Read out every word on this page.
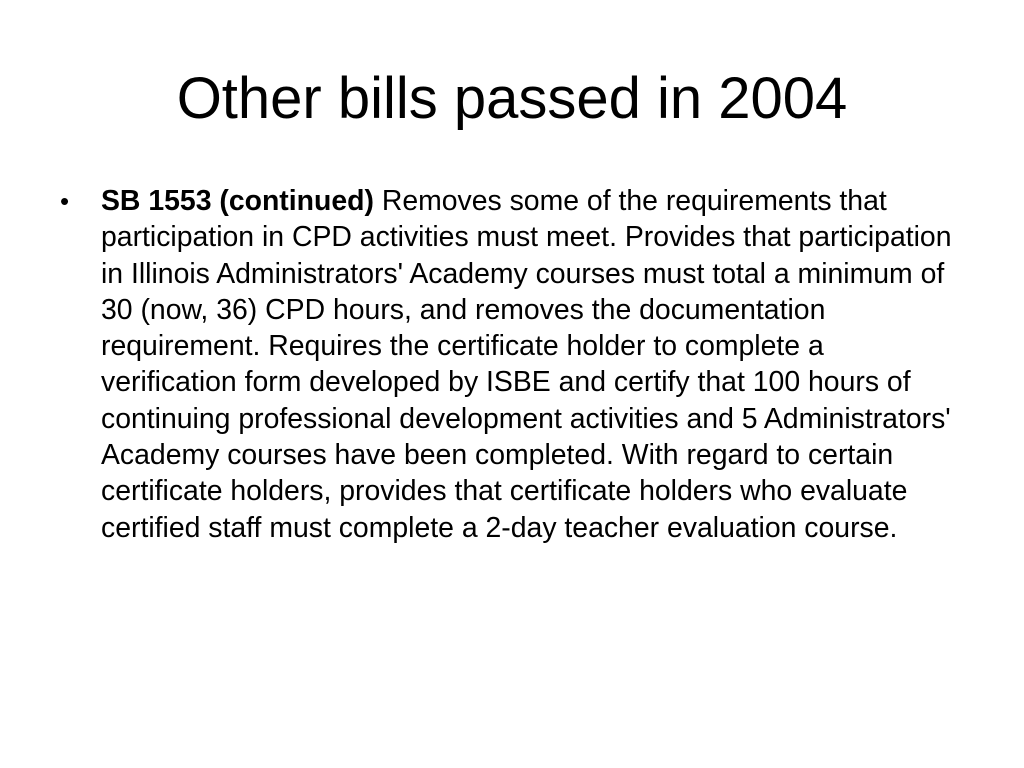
Other bills passed in 2004
•	SB 1553 (continued) Removes some of the requirements that participation in CPD activities must meet. Provides that participation in Illinois Administrators' Academy courses must total a minimum of 30 (now, 36) CPD hours, and removes the documentation requirement. Requires the certificate holder to complete a verification form developed by ISBE and certify that 100 hours of continuing professional development activities and 5 Administrators' Academy courses have been completed. With regard to certain certificate holders, provides that certificate holders who evaluate certified staff must complete a 2-day teacher evaluation course.
